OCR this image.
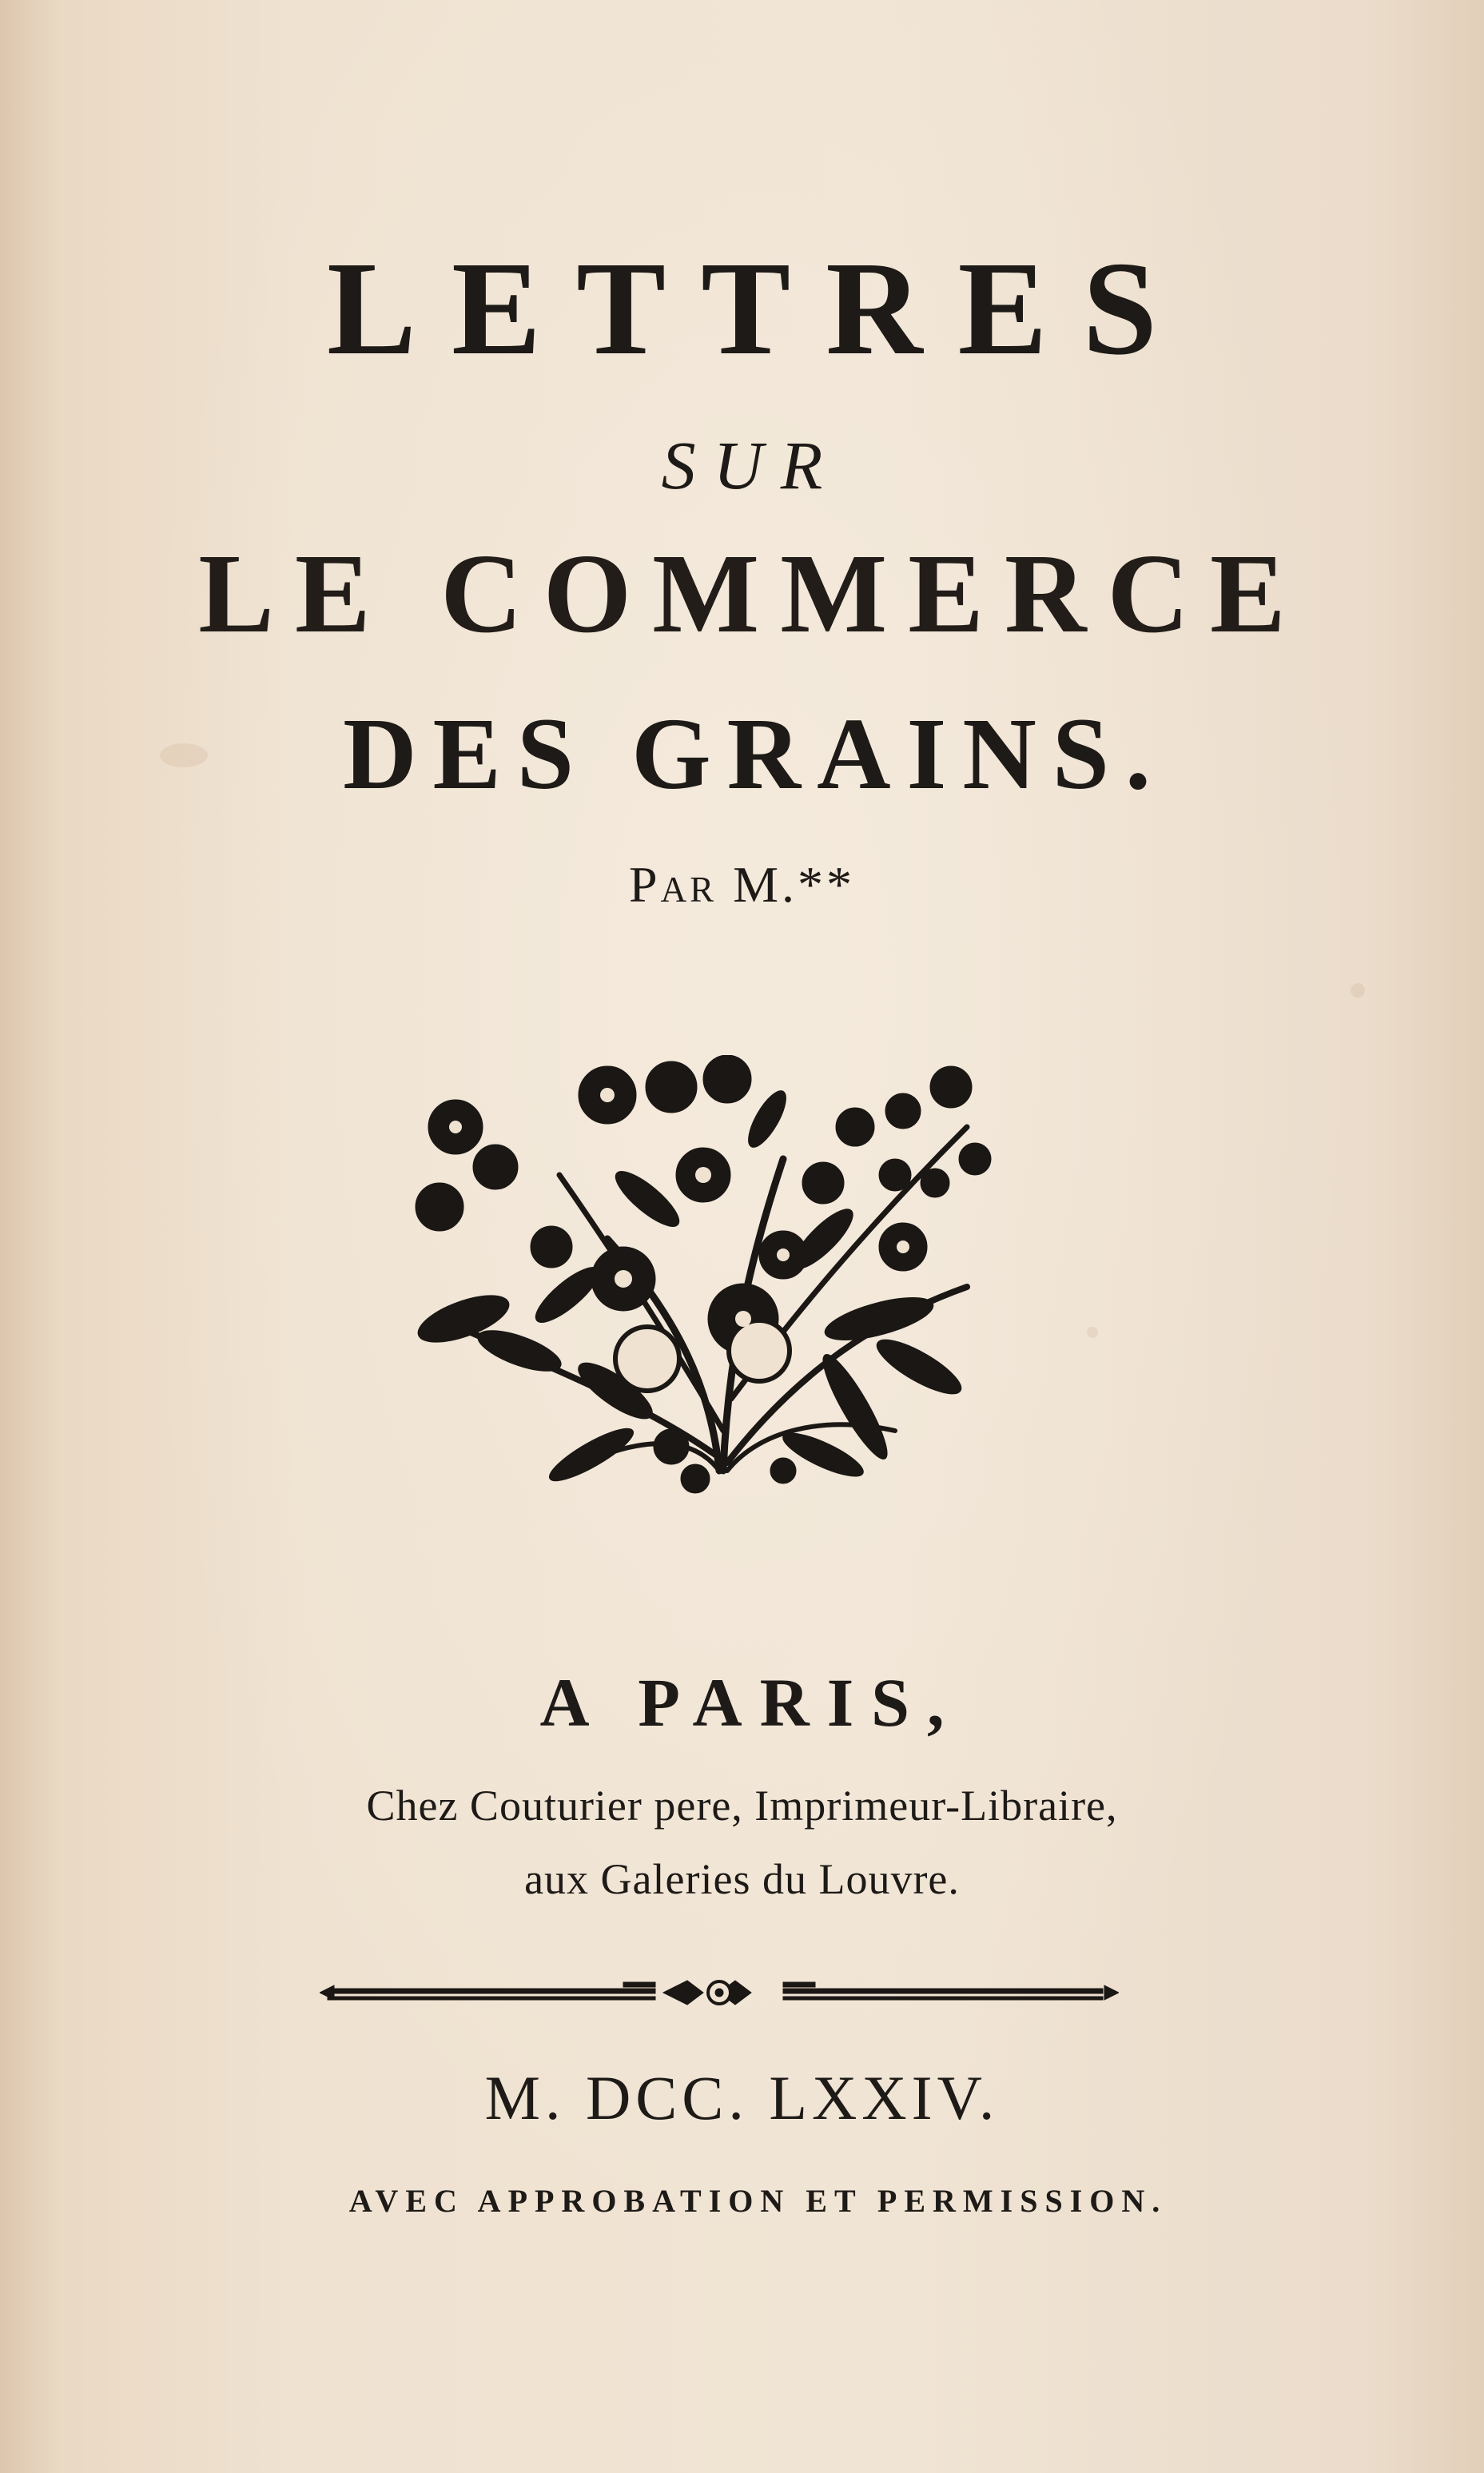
LETTRES
SUR
LE COMMERCE
DES GRAINS.
Par M.**
A PARIS,
Chez Couturier pere, Imprimeur-Libraire,
aux Galeries du Louvre.
M. DCC. LXXIV.
AVEC APPROBATION ET PERMISSION.
